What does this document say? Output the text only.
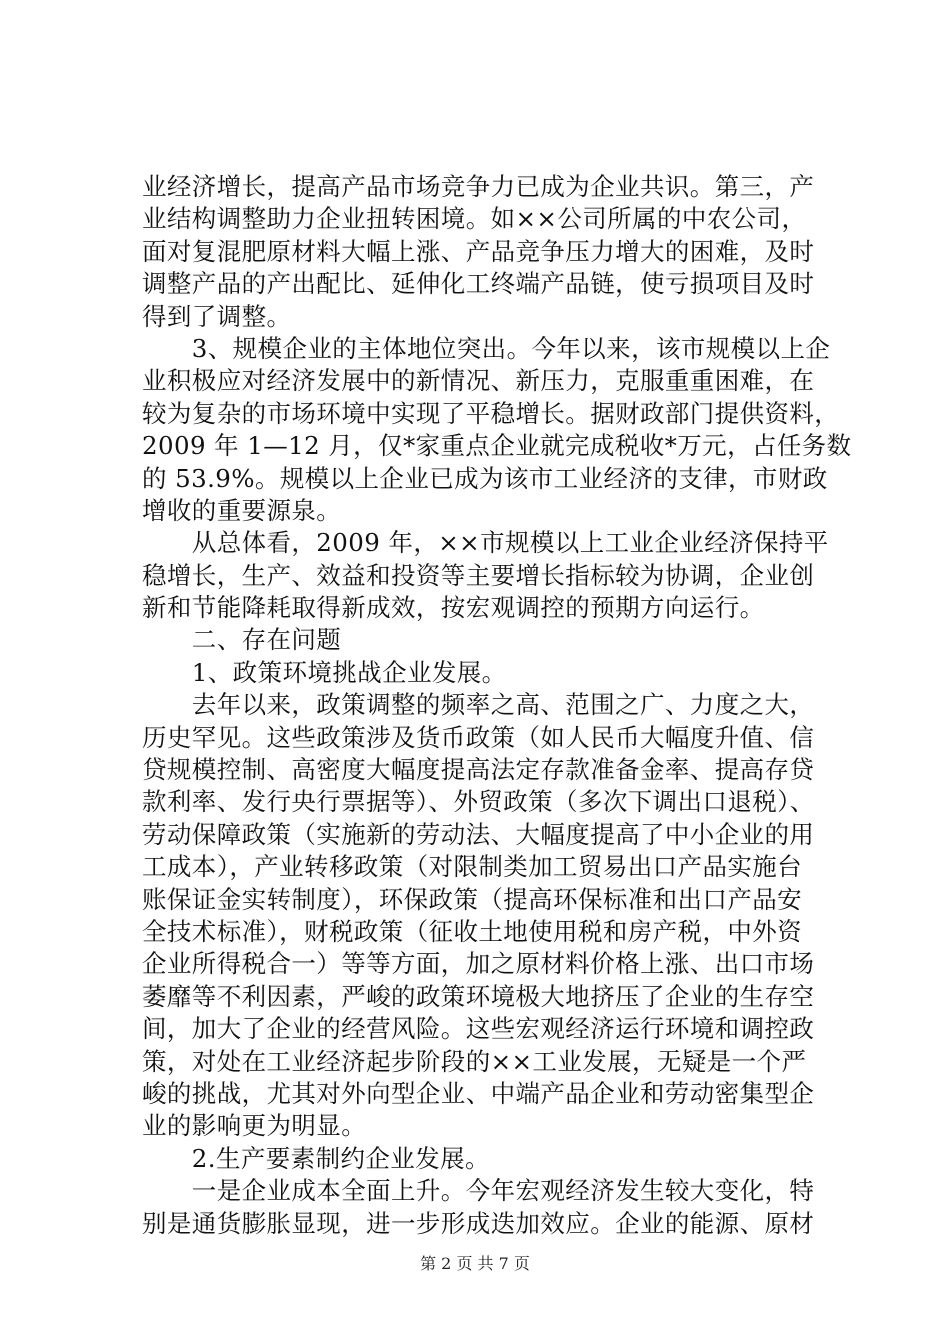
业经济增长，提高产品市场竞争力已成为企业共识。第三，产
业结构调整助力企业扭转困境。如××公司所属的中农公司，
面对复混肥原材料大幅上涨、产品竞争压力增大的困难，及时
调整产品的产出配比、延伸化工终端产品链，使亏损项目及时
得到了调整。
　　3、规模企业的主体地位突出。今年以来，该市规模以上企
业积极应对经济发展中的新情况、新压力，克服重重困难，在
较为复杂的市场环境中实现了平稳增长。据财政部门提供资料，
2009 年 1—12 月，仅*家重点企业就完成税收*万元，占任务数
的 53.9%。规模以上企业已成为该市工业经济的支律，市财政
增收的重要源泉。
　　从总体看，2009 年，××市规模以上工业企业经济保持平
稳增长，生产、效益和投资等主要增长指标较为协调，企业创
新和节能降耗取得新成效，按宏观调控的预期方向运行。
　　二、存在问题
　　1、政策环境挑战企业发展。
　　去年以来，政策调整的频率之高、范围之广、力度之大，
历史罕见。这些政策涉及货币政策（如人民币大幅度升值、信
贷规模控制、高密度大幅度提高法定存款准备金率、提高存贷
款利率、发行央行票据等）、外贸政策（多次下调出口退税）、
劳动保障政策（实施新的劳动法、大幅度提高了中小企业的用
工成本），产业转移政策（对限制类加工贸易出口产品实施台
账保证金实转制度），环保政策（提高环保标准和出口产品安
全技术标准），财税政策（征收土地使用税和房产税，中外资
企业所得税合一）等等方面，加之原材料价格上涨、出口市场
萎靡等不利因素，严峻的政策环境极大地挤压了企业的生存空
间，加大了企业的经营风险。这些宏观经济运行环境和调控政
策，对处在工业经济起步阶段的××工业发展，无疑是一个严
峻的挑战，尤其对外向型企业、中端产品企业和劳动密集型企
业的影响更为明显。
　　2.生产要素制约企业发展。
　　一是企业成本全面上升。今年宏观经济发生较大变化，特
别是通货膨胀显现，进一步形成迭加效应。企业的能源、原材
第 2 页 共 7 页
